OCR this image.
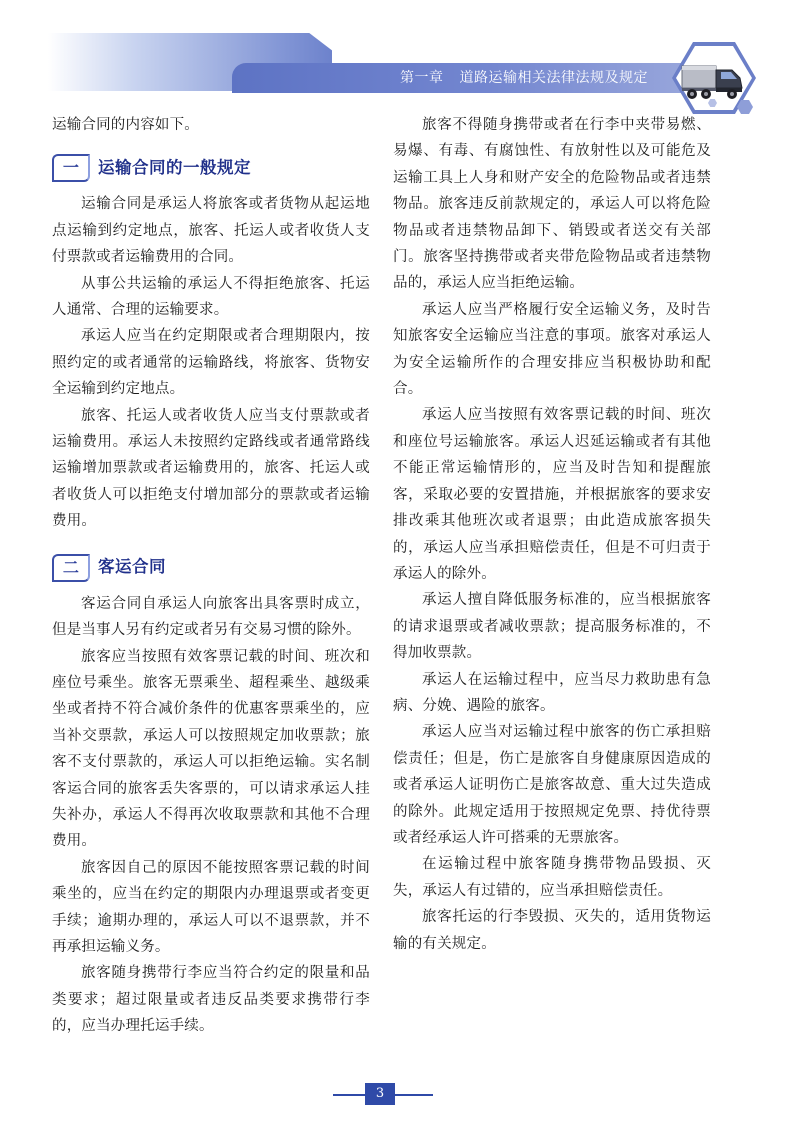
第一章 道路运输相关法律法规及规定

运输合同的内容如下。

一	运输合同的一般规定

运输合同是承运人将旅客或者货物从起运地点运输到约定地点，旅客、托运人或者收货人支付票款或者运输费用的合同。

从事公共运输的承运人不得拒绝旅客、托运人通常、合理的运输要求。

承运人应当在约定期限或者合理期限内，按照约定的或者通常的运输路线，将旅客、货物安全运输到约定地点。

旅客、托运人或者收货人应当支付票款或者运输费用。承运人未按照约定路线或者通常路线运输增加票款或者运输费用的，旅客、托运人或者收货人可以拒绝支付增加部分的票款或者运输费用。

二	客运合同

客运合同自承运人向旅客出具客票时成立，但是当事人另有约定或者另有交易习惯的除外。

旅客应当按照有效客票记载的时间、班次和座位号乘坐。旅客无票乘坐、超程乘坐、越级乘坐或者持不符合减价条件的优惠客票乘坐的，应当补交票款，承运人可以按照规定加收票款；旅客不支付票款的，承运人可以拒绝运输。实名制客运合同的旅客丢失客票的，可以请求承运人挂失补办，承运人不得再次收取票款和其他不合理费用。

旅客因自己的原因不能按照客票记载的时间乘坐的，应当在约定的期限内办理退票或者变更手续；逾期办理的，承运人可以不退票款，并不再承担运输义务。

旅客随身携带行李应当符合约定的限量和品类要求；超过限量或者违反品类要求携带行李的，应当办理托运手续。

旅客不得随身携带或者在行李中夹带易燃、易爆、有毒、有腐蚀性、有放射性以及可能危及运输工具上人身和财产安全的危险物品或者违禁物品。旅客违反前款规定的，承运人可以将危险物品或者违禁物品卸下、销毁或者送交有关部门。旅客坚持携带或者夹带危险物品或者违禁物品的，承运人应当拒绝运输。

承运人应当严格履行安全运输义务，及时告知旅客安全运输应当注意的事项。旅客对承运人为安全运输所作的合理安排应当积极协助和配合。

承运人应当按照有效客票记载的时间、班次和座位号运输旅客。承运人迟延运输或者有其他不能正常运输情形的，应当及时告知和提醒旅客，采取必要的安置措施，并根据旅客的要求安排改乘其他班次或者退票；由此造成旅客损失的，承运人应当承担赔偿责任，但是不可归责于承运人的除外。

承运人擅自降低服务标准的，应当根据旅客的请求退票或者减收票款；提高服务标准的，不得加收票款。

承运人在运输过程中，应当尽力救助患有急病、分娩、遇险的旅客。

承运人应当对运输过程中旅客的伤亡承担赔偿责任；但是，伤亡是旅客自身健康原因造成的或者承运人证明伤亡是旅客故意、重大过失造成的除外。此规定适用于按照规定免票、持优待票或者经承运人许可搭乘的无票旅客。

在运输过程中旅客随身携带物品毁损、灭失，承运人有过错的，应当承担赔偿责任。

旅客托运的行李毁损、灭失的，适用货物运输的有关规定。

3
